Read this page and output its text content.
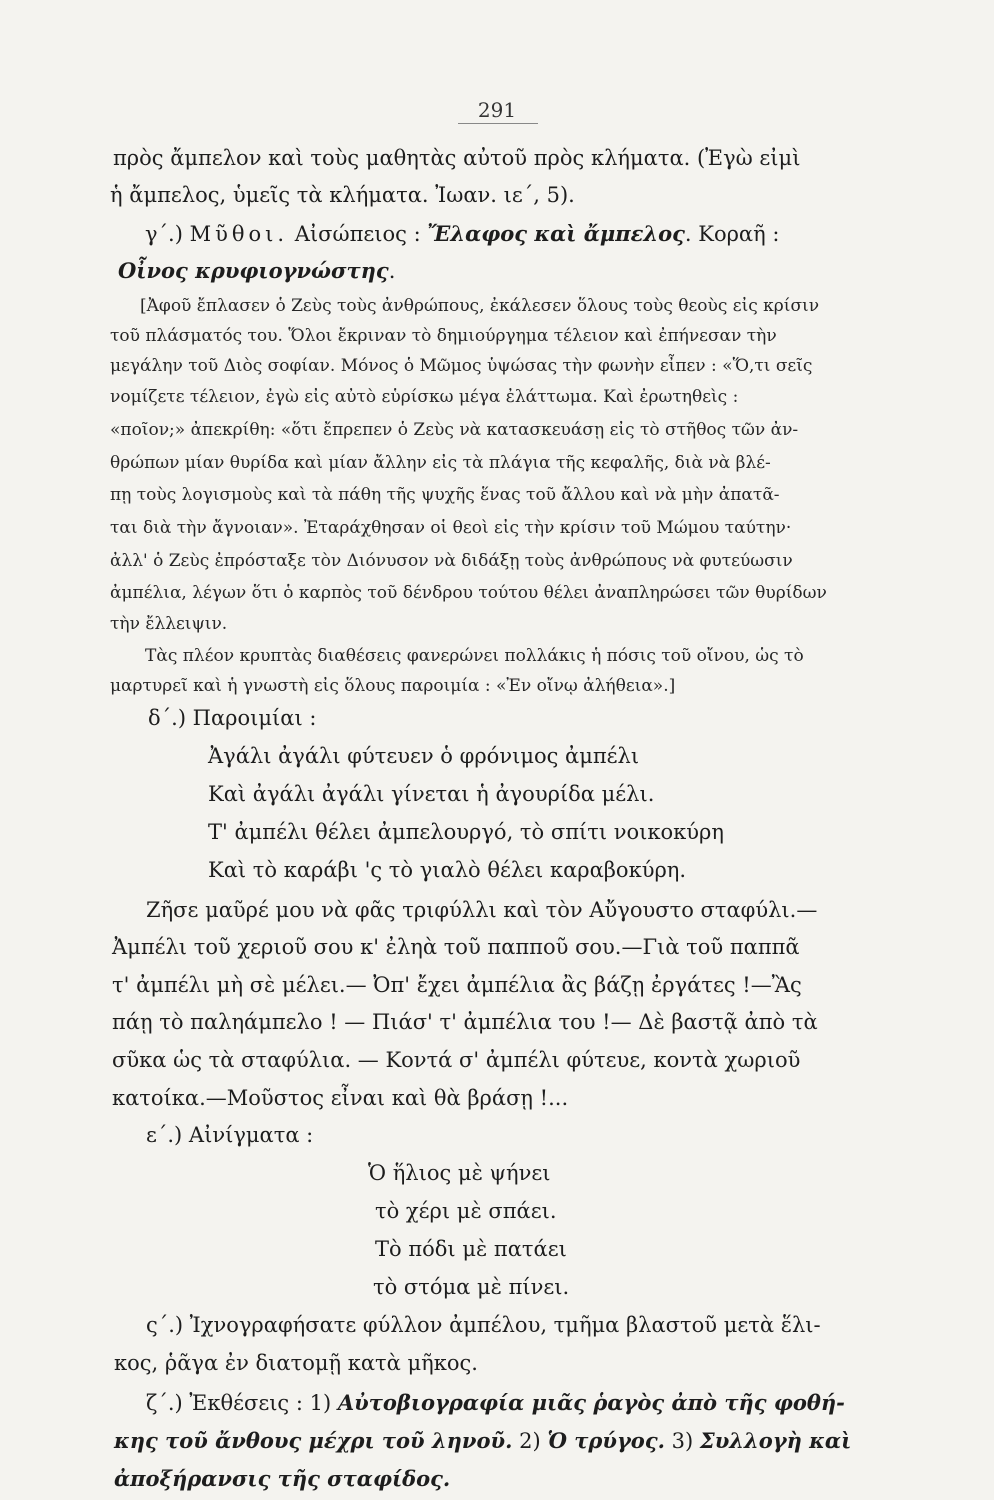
291
πρὸς ἄμπελον καὶ τοὺς μαθητὰς αὐτοῦ πρὸς κλήματα. (Ἐγὼ εἰμὶ
ἡ ἄμπελος, ὑμεῖς τὰ κλήματα. Ἰωαν. ιε΄, 5).
γ΄.) Μῦθοι. Αἰσώπειος : Ἔλαφος καὶ ἄμπελος. Κοραῆ :
Οἶνος κρυφιογνώστης.
[Ἀφοῦ ἔπλασεν ὁ Ζεὺς τοὺς ἀνθρώπους, ἐκάλεσεν ὅλους τοὺς θεοὺς εἰς κρίσιν
τοῦ πλάσματός του. Ὅλοι ἔκριναν τὸ δημιούργημα τέλειον καὶ ἐπήνεσαν τὴν
μεγάλην τοῦ Διὸς σοφίαν. Μόνος ὁ Μῶμος ὑψώσας τὴν φωνὴν εἶπεν : «Ὅ,τι σεῖς
νομίζετε τέλειον, ἐγὼ εἰς αὐτὸ εὑρίσκω μέγα ἐλάττωμα. Καὶ ἐρωτηθεὶς :
«ποῖον;» ἀπεκρίθη: «ὅτι ἔπρεπεν ὁ Ζεὺς νὰ κατασκευάσῃ εἰς τὸ στῆθος τῶν ἀν-
θρώπων μίαν θυρίδα καὶ μίαν ἄλλην εἰς τὰ πλάγια τῆς κεφαλῆς, διὰ νὰ βλέ-
πῃ τοὺς λογισμοὺς καὶ τὰ πάθη τῆς ψυχῆς ἕνας τοῦ ἄλλου καὶ νὰ μὴν ἀπατᾶ-
ται διὰ τὴν ἄγνοιαν». Ἐταράχθησαν οἱ θεοὶ εἰς τὴν κρίσιν τοῦ Μώμου ταύτην·
ἀλλ' ὁ Ζεὺς ἐπρόσταξε τὸν Διόνυσον νὰ διδάξῃ τοὺς ἀνθρώπους νὰ φυτεύωσιν
ἀμπέλια, λέγων ὅτι ὁ καρπὸς τοῦ δένδρου τούτου θέλει ἀναπληρώσει τῶν θυρίδων
τὴν ἔλλειψιν.
Τὰς πλέον κρυπτὰς διαθέσεις φανερώνει πολλάκις ἡ πόσις τοῦ οἴνου, ὡς τὸ
μαρτυρεῖ καὶ ἡ γνωστὴ εἰς ὅλους παροιμία : «Ἐν οἴνῳ ἀλήθεια».]
δ΄.) Παροιμίαι :
Ἀγάλι ἀγάλι φύτευεν ὁ φρόνιμος ἀμπέλι
Καὶ ἀγάλι ἀγάλι γίνεται ἡ ἀγουρίδα μέλι.
Τ' ἀμπέλι θέλει ἀμπελουργό, τὸ σπίτι νοικοκύρη
Καὶ τὸ καράβι 'ς τὸ γιαλὸ θέλει καραβοκύρη.
Ζῆσε μαῦρέ μου νὰ φᾶς τριφύλλι καὶ τὸν Αὔγουστο σταφύλι.—
Ἀμπέλι τοῦ χεριοῦ σου κ' ἐληὰ τοῦ παπποῦ σου.—Γιὰ τοῦ παππᾶ
τ' ἀμπέλι μὴ σὲ μέλει.— Ὀπ' ἔχει ἀμπέλια ἂς βάζῃ ἐργάτες !—Ἂς
πάῃ τὸ παληάμπελο ! — Πιάσ' τ' ἀμπέλια του !— Δὲ βαστᾷ ἀπὸ τὰ
σῦκα ὡς τὰ σταφύλια. — Κοντά σ' ἀμπέλι φύτευε, κοντὰ χωριοῦ
κατοίκα.—Μοῦστος εἶναι καὶ θὰ βράσῃ !...
ε΄.) Αἰνίγματα :
Ὁ ἥλιος μὲ ψήνει
τὸ χέρι μὲ σπάει.
Τὸ πόδι μὲ πατάει
τὸ στόμα μὲ πίνει.
ς΄.) Ἰχνογραφήσατε φύλλον ἀμπέλου, τμῆμα βλαστοῦ μετὰ ἕλι-
κος, ῥᾶγα ἐν διατομῇ κατὰ μῆκος.
ζ΄.) Ἐκθέσεις : 1) Αὐτοβιογραφία μιᾶς ῥαγὸς ἀπὸ τῆς φοθή-
κης τοῦ ἄνθους μέχρι τοῦ ληνοῦ. 2) Ὁ τρύγος. 3) Συλλογὴ καὶ
ἀποξήρανσις τῆς σταφίδος.
